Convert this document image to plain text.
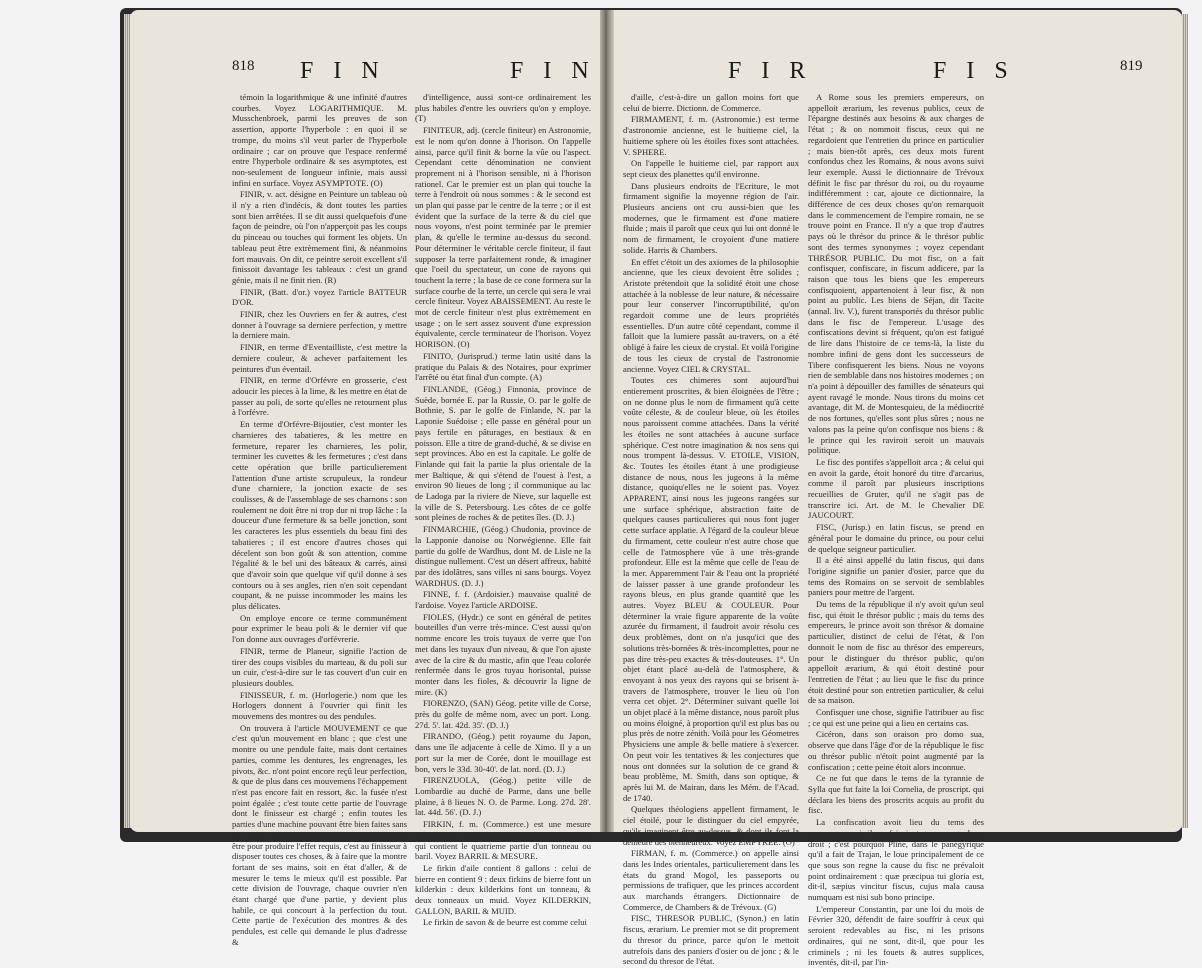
818 F I N	F I N	F I R	F I S	819

témoin la logarithmique & une infinité d'autres courbes. Voyez LOGARITHMIQUE. M. Musschenbroek, parmi les preuves de son assertion, apporte l'hyperbole : en quoi il se trompe, du moins s'il veut parler de l'hyperbole ordinaire ; car on prouve que l'espace renfermé entre l'hyperbole ordinaire & ses asymptotes, est non-seulement de longueur infinie, mais aussi infini en surface. Voyez ASYMPTOTE. (O)

FINIR, v. act. désigne en Peinture un tableau où il n'y a rien d'indécis, & dont toutes les parties sont bien arrêtées. Il se dit aussi quelquefois d'une façon de peindre, où l'on n'apperçoit pas les coups du pinceau ou touches qui forment les objets. Un tableau peut être extrèmement fini, & néanmoins fort mauvais. On dit, ce peintre seroit excellent s'il finissoit davantage les tableaux : c'est un grand génie, mais il ne finit rien. (R)

FINIR, (Batt. d'or.) voyez l'article BATTEUR D'OR.

FINIR, chez les Ouvriers en fer & autres, c'est donner à l'ouvrage sa derniere perfection, y mettre la derniere main.

FINIR, en terme d'Eventailliste, c'est mettre la derniere couleur, & achever parfaitement les peintures d'un éventail.

FINIR, en terme d'Orfévre en grosserie, c'est adoucir les pieces à la lime, & les mettre en état de passer au poli, de sorte qu'elles ne retournent plus à l'orfévre.

En terme d'Orfévre-Bijoutier, c'est monter les charnieres des tabatieres, & les mettre en fermeture, reparer les charnieres, les polir, terminer les cuvettes & les fermetures ; c'est dans cette opération que brille particulierement l'attention d'une artiste scrupuleux, la rondeur d'une charniere, la jonction exacte de ses coulisses, & de l'assemblage de ses charnons : son roulement ne doit être ni trop dur ni trop lâche : la douceur d'une fermeture & sa belle jonction, sont les caracteres les plus essentiels du beau fini des tabatieres ; il est encore d'autres choses qui décelent son bon goût & son attention, comme l'égalité & le bel uni des bâteaux & carrés, ainsi que d'avoir soin que quelque vif qu'il donne à ses contours ou à ses angles, rien n'en soit cependant coupant, & ne puisse incommoder les mains les plus délicates.

On employe encore ce terme communément pour exprimer le beau poli & le dernier vif que l'on donne aux ouvrages d'orfévrerie.

FINIR, terme de Planeur, signifie l'action de tirer des coups visibles du marteau, & du poli sur un cuir, c'est-à-dire sur le tas couvert d'un cuir en plusieurs doubles.

FINISSEUR, f. m. (Horlogerie.) nom que les Horlogers donnent à l'ouvrier qui finit les mouvemens des montres ou des pendules.

On trouvera à l'article MOUVEMENT ce que c'est qu'un mouvement en blanc ; que c'est une montre ou une pendule faite, mais dont certaines parties, comme les dentures, les engrenages, les pivots, &c. n'ont point encore reçû leur perfection, & que de plus dans ces mouvemens l'échappement n'est pas encore fait en ressort, &c. la fusée n'est point égalée ; c'est toute cette partie de l'ouvrage dont le finisseur est chargé ; enfin toutes les parties d'une machine pouvant être bien faites sans que leurs relations soient telles qu'elles devroient être pour produire l'effet requis, c'est au finisseur à disposer toutes ces choses, & à faire que la montre fortant de ses mains, soit en état d'aller, & de mesurer le tems le mieux qu'il est possible. Par cette division de l'ouvrage, chaque ouvrier n'en étant chargé que d'une partie, y devient plus habile, ce qui concourt à la perfection du tout. Cette partie de l'exécution des montres & des pendules, est celle qui demande le plus d'adresse &

d'intelligence, aussi sont-ce ordinairement les plus habiles d'entre les ouvriers qu'on y employe. (T)

FINITEUR, adj. (cercle finiteur) en Astronomie, est le nom qu'on donne à l'horison. On l'appelle ainsi, parce qu'il finit & borne la vûe ou l'aspect. Cependant cette dénomination ne convient proprement ni à l'horison sensible, ni à l'horison rationel. Car le premier est un plan qui touche la terre à l'endroit où nous sommes : & le second est un plan qui passe par le centre de la terre ; or il est évident que la surface de la terre & du ciel que nous voyons, n'est point terminée par le premier plan, & qu'elle le termine au-dessus du second. Pour déterminer le véritable cercle finiteur, il faut supposer la terre parfaitement ronde, & imaginer que l'oeil du spectateur, un cone de rayons qui touchent la terre ; la base de ce cone formera sur la surface courbe de la terre, un cercle qui sera le vrai cercle finiteur. Voyez ABAISSEMENT. Au reste le mot de cercle finiteur n'est plus extrèmement en usage ; on le sert assez souvent d'une expression équivalente, cercle terminateur de l'horison. Voyez HORISON. (O)

FINITO, (Jurisprud.) terme latin usité dans la pratique du Palais & des Notaires, pour exprimer l'arrêté ou état final d'un compte. (A)

FINLANDE, (Géog.) Finnonia, province de Suède, bornée E. par la Russie, O. par le golfe de Bothnie, S. par le golfe de Finlande, N. par la Laponie Suédoise ; elle passe en général pour un pays fertile en pâturages, en bestiaux & en poisson. Elle a titre de grand-duché, & se divise en sept provinces. Abo en est la capitale. Le golfe de Finlande qui fait la partie la plus orientale de la mer Baltique, & qui s'étend de l'ouest à l'est, a environ 90 lieues de long ; il communique au lac de Ladoga par la riviere de Nieve, sur laquelle est la ville de S. Petersbourg. Les côtes de ce golfe sont pleines de roches & de petites îles. (D. J.)

FINMARCHIE, (Géog.) Chudonia, province de la Lapponie danoise ou Norwégienne. Elle fait partie du golfe de Wardhus, dont M. de Lisle ne la distingue nullement. C'est un désert affreux, habité par des idolâtres, sans villes ni sans bourgs. Voyez WARDHUS. (D. J.)

FINNE, f. f. (Ardoisier.) mauvaise qualité de l'ardoise. Voyez l'article ARDOISE.

FIOLES, (Hydr.) ce sont en général de petites bouteilles d'un verre très-mince. C'est aussi qu'on nomme encore les trois tuyaux de verre que l'on met dans les tuyaux d'un niveau, & que l'on ajuste avec de la cire & du mastic, afin que l'eau colorée renfermée dans le gros tuyau horisontal, puisse monter dans les fioles, & découvrir la ligne de mire. (K)

FIORENZO, (SAN) Géog. petite ville de Corse, près du golfe de même nom, avec un port. Long. 27d. 5'. lat. 42d. 35'. (D. J.)

FIRANDO, (Géog.) petit royaume du Japon, dans une île adjacente à celle de Ximo. Il y a un port sur la mer de Corée, dont le mouillage est bon, vers le 33d. 30-40'. de lat. nord. (D. J.)

FIRENZUOLA, (Géog.) petite ville de Lombardie au duché de Parme, dans une belle plaine, à 8 lieues N. O. de Parme. Long. 27d. 28'. lat. 44d. 56'. (D. J.)

FIRKIN, f. m. (Commerce.) est une mesure anglosse qui sert à mesurer les choses liquides, & qui contient le quatrieme partie d'un tonneau ou baril. Voyez BARRIL & MESURE.

Le firkin d'aile contient 8 gallons : celui de bierre en contient 9 : deux firkins de bierre font un kilderkin : deux kilderkins font un tonneau, & deux tonneaux un muid. Voyez KILDERKIN, GALLON, BARIL & MUID.

Le firkin de savon & de beurre est comme celui

d'aille, c'est-à-dire un gallon moins fort que celui de bierre. Dictionn. de Commerce.

FIRMAMENT, f. m. (Astronomie.) est terme d'astronomie ancienne, est le huitieme ciel, la huitieme sphere où les étoiles fixes sont attachées. V. SPHERE.

On l'appelle le huitieme ciel, par rapport aux sept cieux des planettes qu'il environne.

Dans plusieurs endroits de l'Ecriture, le mot firmament signifie la moyenne région de l'air. Plusieurs anciens ont cru aussi-bien que les modernes, que le firmament est d'une matiere fluide ; mais il paroît que ceux qui lui ont donné le nom de firmament, le croyoient d'une matiere solide. Harris & Chambers.

En effet c'étoit un des axiomes de la philosophie ancienne, que les cieux devoient être solides ; Aristote prétendoit que la solidité étoit une chose attachée à la noblesse de leur nature, & nécessaire pour leur conserver l'incorruptibilité, qu'on regardoit comme une de leurs propriétés essentielles. D'un autre côté cependant, comme il falloit que la lumiere passât au-travers, on a été obligé à faire les cieux de crystal. Et voilà l'origine de tous les cieux de crystal de l'astronomie ancienne. Voyez CIEL & CRYSTAL.

Toutes ces chimeres sont aujourd'hui entierement proscrites, & bien éloignées de l'être ; on ne donne plus le nom de firmament qu'à cette voûte céleste, & de couleur bleue, où les étoiles nous paroissent comme attachées. Dans la vérité les étoiles ne sont attachées à aucune surface sphérique. C'est notre imagination & nos sens qui nous trompent là-dessus. V. ETOILE, VISION, &c. Toutes les étoiles étant à une prodigieuse distance de nous, nous les jugeons à la même distance, quoiqu'elles ne le soient pas. Voyez APPARENT, ainsi nous les jugeons rangées sur une surface sphérique, abstraction faite de quelques causes particulieres qui nous font juger cette surface applatie. A l'égard de la couleur bleue du firmament, cette couleur n'est autre chose que celle de l'atmosphere vûe à une très-grande profondeur. Elle est la même que celle de l'eau de la mer. Apparemment l'air & l'eau ont la propriété de laisser passer à une grande profondeur les rayons bleus, en plus grande quantité que les autres. Voyez BLEU & COULEUR. Pour déterminer la vraie figure apparente de la voûte azurée du firmament, il faudroit avoir résolu ces deux problèmes, dont on n'a jusqu'ici que des solutions très-bornées & très-incomplettes, pour ne pas dire très-peu exactes & très-douteuses. 1°. Un objet étant placé au-delà de l'atmosphere, & envoyant à nos yeux des rayons qui se brisent à-travers de l'atmosphere, trouver le lieu où l'on verra cet objet. 2°. Déterminer suivant quelle loi un objet placé à la même distance, nous paroît plus ou moins éloigné, à proportion qu'il est plus bas ou plus près de notre zénith. Voilà pour les Géometres Physiciens une ample & belle matiere à s'exercer. On peut voir les tentatives & les conjectures que nous ont données sur la solution de ce grand & beau problème, M. Smith, dans son optique, & après lui M. de Mairan, dans les Mém. de l'Acad. de 1740.

Quelques théologiens appellent firmament, le ciel étoilé, pour le distinguer du ciel empyrée, qu'ils imaginent être au-dessus, & dont ils font la demeure des bienheureux. Voyez EMPYRÉE. (O)

FIRMAN, f. m. (Commerce.) on appelle ainsi dans les Indes orientales, particulierement dans les états du grand Mogol, les passeports ou permissions de trafiquer, que les princes accordent aux marchands étrangers. Dictionnaire de Commerce, de Chambers & de Trévoux. (G)

FISC, THRESOR PUBLIC, (Synon.) en latin fiscus, ærarium. Le premier mot se dit proprement du thresor du prince, parce qu'on le mettoit autrefois dans des paniers d'osier ou de jonc ; & le second du thresor de l'état.

A Rome sous les premiers empereurs, on appelloit ærarium, les revenus publics, ceux de l'épargne destinés aux besoins & aux charges de l'état ; & on nommoit fiscus, ceux qui ne regardoient que l'entretien du prince en particulier ; mais bien-tôt après, ces deux mots furent confondus chez les Romains, & nous avons suivi leur exemple. Aussi le dictionnaire de Trévoux définit le fisc par thrésor du roi, ou du royaume indifféremment : car, ajoute ce dictionnaire, la différence de ces deux choses qu'on remarquoit dans le commencement de l'empire romain, ne se trouve point en France. Il n'y a que trop d'autres pays où le thrésor du prince & le thrésor public sont des termes synonymes ; voyez cependant THRÉSOR PUBLIC. Du mot fisc, on a fait confisquer, confiscare, in fiscum addicere, par la raison que tous les biens que les empereurs confisquoient, appartenoient à leur fisc, & non point au public. Les biens de Séjan, dit Tacite (annal. liv. V.), furent transportés du thrésor public dans le fisc de l'empereur. L'usage des confiscations devint si fréquent, qu'on est fatigué de lire dans l'histoire de ce tems-là, la liste du nombre infini de gens dont les successeurs de Tibere confisquerent les biens. Nous ne voyons rien de semblable dans nos histoires modernes ; on n'a point à dépouiller des familles de sénateurs qui ayent ravagé le monde. Nous tirons du moins cet avantage, dit M. de Montesquieu, de la médiocrité de nos fortunes, qu'elles sont plus sûres ; nous ne valons pas la peine qu'on confisque nos biens : & le prince qui les raviroit seroit un mauvais politique.

Le fisc des pontifes s'appelloit arca ; & celui qui en avoit la garde, étoit honoré du titre d'arcarius, comme il paroît par plusieurs inscriptions recueillies de Gruter, qu'il ne s'agit pas de transcrire ici. Art. de M. le Chevalier DE JAUCOURT.

FISC, (Jurisp.) en latin fiscus, se prend en général pour le domaine du prince, ou pour celui de quelque seigneur particulier.

Il a été ainsi appellé du latin fiscus, qui dans l'origine signifie un panier d'osier, parce que du tems des Romains on se servoit de semblables paniers pour mettre de l'argent.

Du tems de la république il n'y avoit qu'un seul fisc, qui étoit le thrésor public ; mais du tems des empereurs, le prince avoit son thrésor & domaine particulier, distinct de celui de l'état, & l'on donnoit le nom de fisc au thrésor des empereurs, pour le distinguer du thrésor public, qu'on appelloit ærarium, & qui étoit destiné pour l'entretien de l'état ; au lieu que le fisc du prince étoit destiné pour son entretien particulier, & celui de sa maison.

Confisquer une chose, signifie l'attribuer au fisc ; ce qui est une peine qui a lieu en certains cas.

Cicéron, dans son oraison pro domo sua, observe que dans l'âge d'or de la république le fisc ou thrésor public n'étoit point augmenté par la confiscation ; cette peine étoit alors inconnue.

Ce ne fut que dans le tems de la tyrannie de Sylla que fut faite la loi Cornelia, de proscript. qui déclara les biens des proscrits acquis au profit du fisc.

La confiscation avoit lieu du tems des empereurs, mais ils ne faisoient guere usage de ce droit ; c'est pourquoi Pline, dans le panégyrique qu'il a fait de Trajan, le loue principalement de ce que sous son regne la cause du fisc ne prévaloit point ordinairement : quæ præcipua tui gloria est, dit-il, sæpius vincitur fiscus, cujus mala causa numquam est nisi sub bono principe.

L'empereur Constantin, par une loi du mois de Février 320, défendit de faire souffrir à ceux qui seroient redevables au fisc, ni les prisons ordinaires, qui ne sont, dit-il, que pour les criminels ; ni les fouets & autres supplices, inventés, dit-il, par l'in-
